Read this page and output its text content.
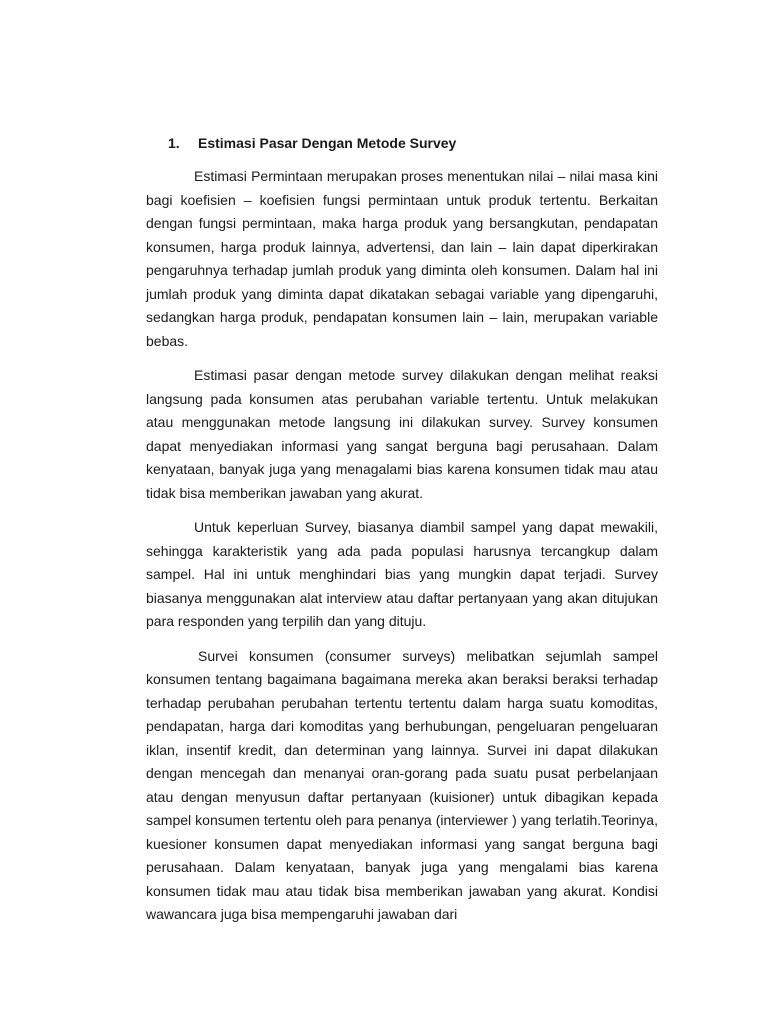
1.	Estimasi Pasar Dengan Metode Survey

Estimasi Permintaan merupakan proses menentukan nilai – nilai masa kini bagi koefisien – koefisien fungsi permintaan untuk produk tertentu. Berkaitan dengan fungsi permintaan, maka harga produk yang bersangkutan, pendapatan konsumen, harga produk lainnya, advertensi, dan lain – lain dapat diperkirakan pengaruhnya terhadap jumlah produk yang diminta oleh konsumen. Dalam hal ini jumlah produk yang diminta dapat dikatakan sebagai variable yang dipengaruhi, sedangkan harga produk, pendapatan konsumen lain – lain, merupakan variable bebas.

Estimasi pasar dengan metode survey dilakukan dengan melihat reaksi langsung pada konsumen atas perubahan variable tertentu. Untuk melakukan atau menggunakan metode langsung ini dilakukan survey. Survey konsumen dapat menyediakan informasi yang sangat berguna bagi perusahaan. Dalam kenyataan, banyak juga yang menagalami bias karena konsumen tidak mau atau tidak bisa memberikan jawaban yang akurat.

Untuk keperluan Survey, biasanya diambil sampel yang dapat mewakili, sehingga karakteristik yang ada pada populasi harusnya tercangkup dalam sampel. Hal ini untuk menghindari bias yang mungkin dapat terjadi. Survey biasanya menggunakan alat interview atau daftar pertanyaan yang akan ditujukan para responden yang terpilih dan yang dituju.

Survei konsumen (consumer surveys) melibatkan sejumlah sampel konsumen tentang bagaimana bagaimana mereka akan beraksi beraksi terhadap terhadap perubahan perubahan tertentu tertentu dalam harga suatu komoditas, pendapatan, harga dari komoditas yang berhubungan, pengeluaran pengeluaran iklan, insentif kredit, dan determinan yang lainnya. Survei ini dapat dilakukan dengan mencegah dan menanyai oran-gorang pada suatu pusat perbelanjaan atau dengan menyusun daftar pertanyaan (kuisioner) untuk dibagikan kepada sampel konsumen tertentu oleh para penanya (interviewer ) yang terlatih.Teorinya, kuesioner konsumen dapat menyediakan informasi yang sangat berguna bagi perusahaan. Dalam kenyataan, banyak juga yang mengalami bias karena konsumen tidak mau atau tidak bisa memberikan jawaban yang akurat. Kondisi wawancara juga bisa mempengaruhi jawaban dari
